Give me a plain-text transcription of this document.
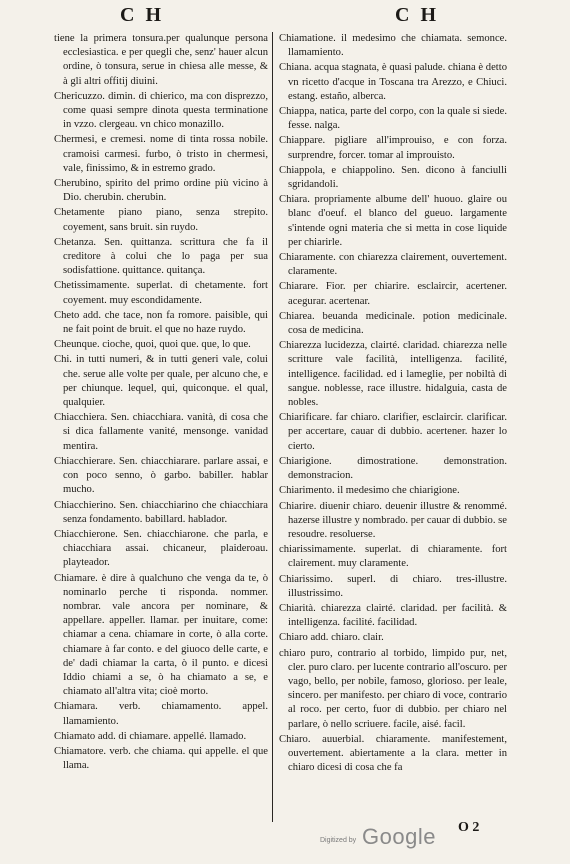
C H	C H
tiene la primera tonsura.per qualunque persona ecclesiastica. e per quegli che, senz' hauer alcun ordine, ò tonsura, serue in chiesa alle messe, & à gli altri offitij diuini.
Chericuzzo. dimin. di chierico, ma con disprezzo, come quasi sempre dinota questa terminatione in vzzo. clergeau. vn chico monazillo.
Chermesi, e cremesi. nome di tinta rossa nobile. cramoisi carmesi. furbo, ò tristo in chermesi, vale, finissimo, & in estremo grado.
Cherubino, spirito del primo ordine più vicino à Dio. cherubin. cherubin.
Chetamente piano piano, senza strepito. coyement, sans bruit. sin ruydo.
Chetanza. Sen. quittanza. scrittura che fa il creditore à colui che lo paga per sua sodisfattione. quittance. quitança.
Chetissimamente. superlat. di chetamente. fort coyement. muy escondidamente.
Cheto add. che tace, non fa romore. paisible, qui ne fait point de bruit. el que no haze ruydo.
Cheunque. cioche, quoi, quoi que. que, lo que.
Chi. in tutti numeri, & in tutti generi vale, colui che. serue alle volte per quale, per alcuno che, e per chiunque. lequel, qui, quiconque. el qual, qualquier.
Chiacchiera. Sen. chiacchiara. vanità, di cosa che si dica fallamente vanité, mensonge. vanidad mentira.
Chiacchierare. Sen. chiacchiarare. parlare assai, e con poco senno, ò garbo. babiller. hablar mucho.
Chiacchierino. Sen. chiacchiarino che chiacchiara senza fondamento. babillard. hablador.
Chiacchierone. Sen. chiacchiarone. che parla, e chiacchiara assai. chicaneur, plaideroau. playteador.
Chiamare. è dire à qualchuno che venga da te, ò nominarlo perche ti risponda. nommer. nombrar. vale ancora per nominare, & appellare. appeller. llamar. per inuitare, come: chiamar a cena. chiamare in corte, ò alla corte. chiamare à far conto. e del giuoco delle carte, e de' dadi chiamar la carta, ò il punto. e dicesi Iddio chiami a se, ò ha chiamato a se, e chiamato all'altra vita; cioè morto.
Chiamara. verb. chiamamento. appel. llamamiento.
Chiamato add. di chiamare. appellé. llamado.
Chiamatore. verb. che chiama. qui appelle. el que llama.
Chiamatione. il medesimo che chiamata. semonce. llamamiento.
Chiana. acqua stagnata, è quasi palude. chiana è detto vn ricetto d'acque in Toscana tra Arezzo, e Chiuci. estang. estaño, alberca.
Chiappa, natica, parte del corpo, con la quale si siede. fesse. nalga.
Chiappare. pigliare all'improuiso, e con forza. surprendre, forcer. tomar al improuisto.
Chiappola, e chiappolino. Sen. dicono à fanciulli sgridandoli.
Chiara. propriamente albume dell' huouo. glaire ou blanc d'oeuf. el blanco del gueuo. largamente s'intende ogni materia che si metta in cose liquide per chiarirle.
Chiaramente. con chiarezza clairement, ouvertement. claramente.
Chiarare. Fior. per chiarire. esclaircir, acertener. acegurar. acertenar.
Chiarea. beuanda medicinale. potion medicinale. cosa de medicina.
Chiarezza lucidezza, clairté. claridad. chiarezza nelle scritture vale facilità, intelligenza. facilité, intelligence. facilidad. ed i lameglie, per nobiltà di sangue. noblesse, race illustre. hidalguia, casta de nobles.
Chiarificare. far chiaro. clarifier, esclaircir. clarificar. per accertare, cauar di dubbio. acertener. hazer lo cierto.
Chiarigione. dimostratione. demonstration. demonstracion.
Chiarimento. il medesimo che chiarigione.
Chiarire. diuenir chiaro. deuenir illustre & renommé. hazerse illustre y nombrado. per cauar di dubbio. se resoudre. resoluerse.
chiarissimamente. superlat. di chiaramente. fort clairement. muy claramente.
Chiarissimo. superl. di chiaro. tres-illustre. illustrissimo.
Chiarità. chiarezza clairté. claridad. per facilità. & intelligenza. facilité. facilidad.
Chiaro add. chiaro. clair.
chiaro puro, contrario al torbido, limpido pur, net, cler. puro claro. per lucente contrario all'oscuro. per vago, bello, per nobile, famoso, glorioso. per leale, sincero. per manifesto. per chiaro di voce, contrario al roco. per certo, fuor di dubbio. per chiaro nel parlare, ò nello scriuere. facile, aisé. facil.
Chiaro. auuerbial. chiaramente. manifestement, ouvertement. abiertamente a la clara. metter in chiaro dicesi di cosa che fa
O 2
Digitized by Google
